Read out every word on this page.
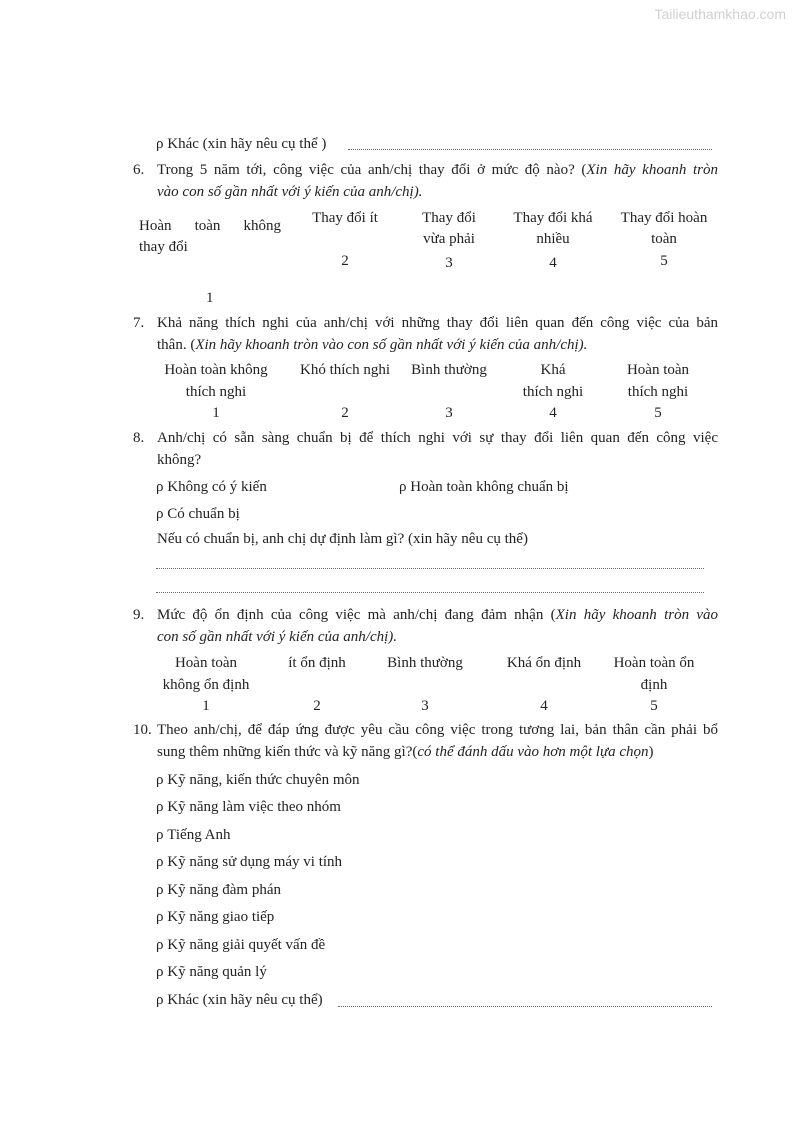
Tailieuthamkhao.com
ρ Khác (xin hãy nêu cụ thể )
6. Trong 5 năm tới, công việc của anh/chị thay đổi ở mức độ nào? (Xin hãy khoanh tròn
vào con số gần nhất với ý kiến của anh/chị).
Hoàn toàn không
thay đổi
1
Thay đổi ít
2
Thay đổi
vừa phải
3
Thay đổi khá
nhiều
4
Thay đổi hoàn
toàn
5
7. Khả năng thích nghi của anh/chị với những thay đổi liên quan đến công việc của bản
thân. (Xin hãy khoanh tròn vào con số gần nhất với ý kiến của anh/chị).
Hoàn toàn không
thích nghi
1
Khó thích nghi
2
Bình thường
3
Khá
thích nghi
4
Hoàn toàn
thích nghi
5
8. Anh/chị có sẵn sàng chuẩn bị để thích nghi với sự thay đổi liên quan đến công việc
không?
ρ Không có ý kiến	ρ Hoàn toàn không chuẩn bị
ρ Có chuẩn bị
Nếu có chuẩn bị, anh chị dự định làm gì? (xin hãy nêu cụ thể)
9. Mức độ ổn định của công việc mà anh/chị đang đảm nhận (Xin hãy khoanh tròn vào
con số gần nhất với ý kiến của anh/chị).
Hoàn toàn
không ổn định
1
ít ổn định
2
Bình thường
3
Khá ổn định
4
Hoàn toàn ổn
định
5
10. Theo anh/chị, để đáp ứng được yêu cầu công việc trong tương lai, bản thân cần phải bổ
sung thêm những kiến thức và kỹ năng gì?(có thể đánh dấu vào hơn một lựa chọn)
ρ Kỹ năng, kiến thức chuyên môn
ρ Kỹ năng làm việc theo nhóm
ρ Tiếng Anh
ρ Kỹ năng sử dụng máy vi tính
ρ Kỹ năng đàm phán
ρ Kỹ năng giao tiếp
ρ Kỹ năng giải quyết vấn đề
ρ Kỹ năng quản lý
ρ Khác (xin hãy nêu cụ thể)
